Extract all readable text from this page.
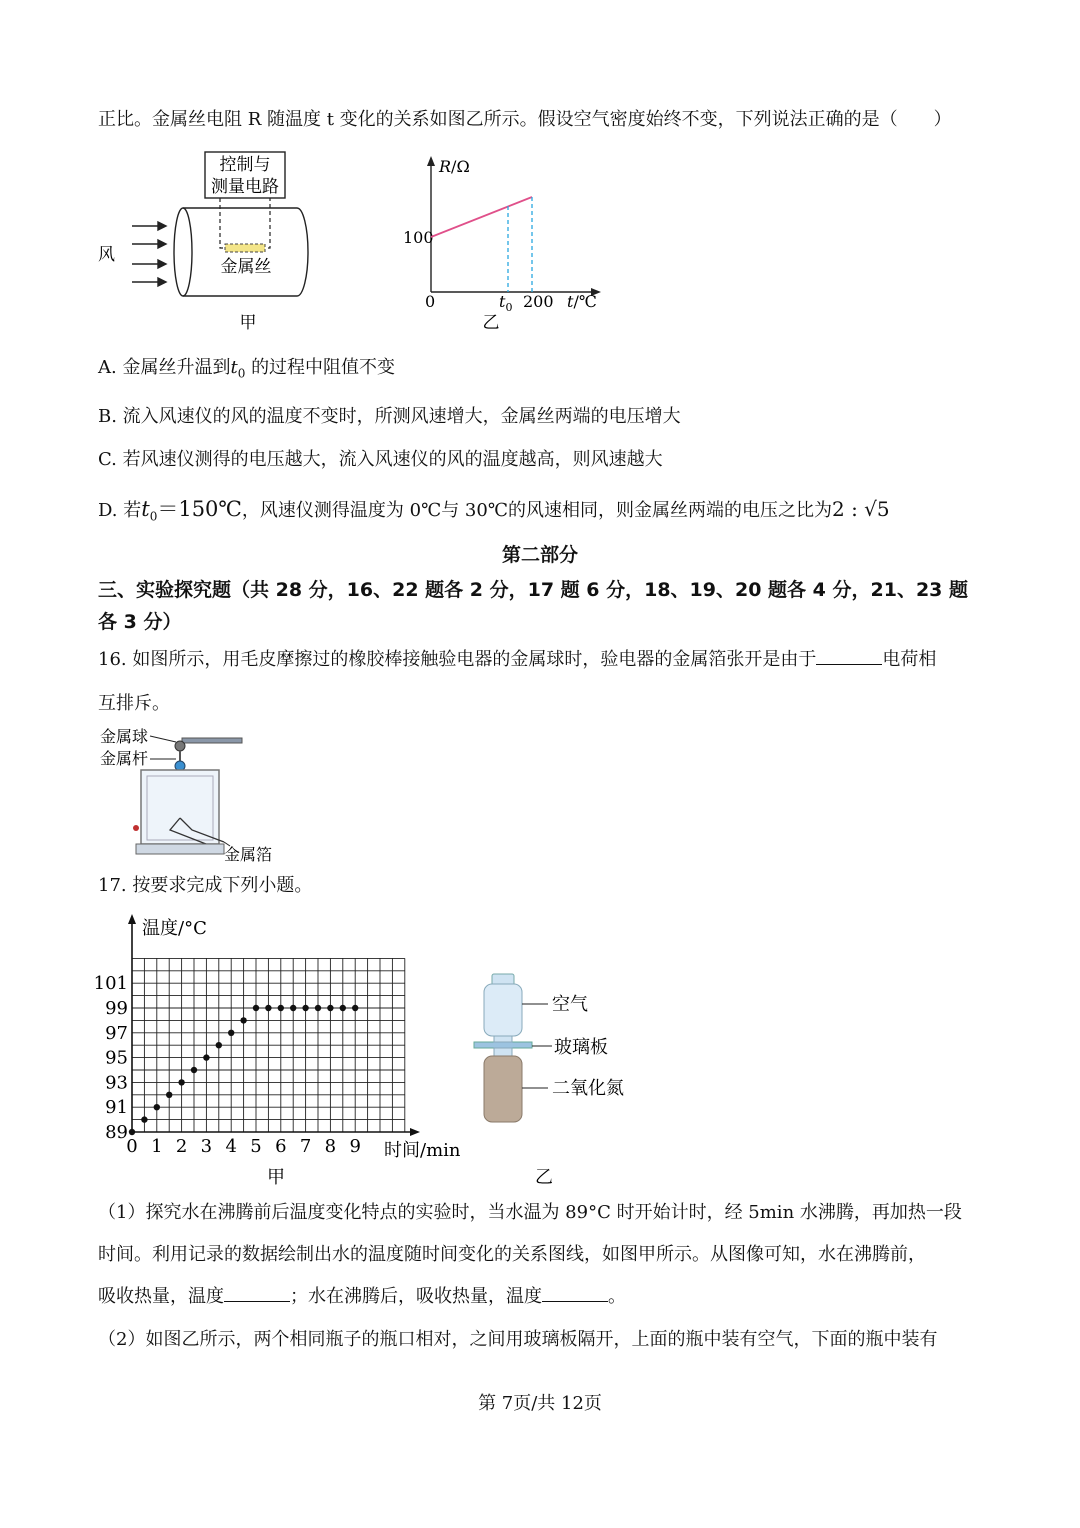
正比。金属丝电阻 R 随温度 t 变化的关系如图乙所示。假设空气密度始终不变，下列说法正确的是（　　）
控制与
测量电路
金属丝
风
甲
R/Ω
100
0	$t_0$ 200 t/℃
乙
A. 金属丝升温到$t_0$ 的过程中阻值不变
B. 流入风速仪的风的温度不变时，所测风速增大，金属丝两端的电压增大
C. 若风速仪测得的电压越大，流入风速仪的风的温度越高，则风速越大
D. 若$t_0=150℃$，风速仪测得温度为 0℃与 30℃的风速相同，则金属丝两端的电压之比为2 : √5
第二部分
三、实验探究题（共 28 分，16、22 题各 2 分，17 题 6 分，18、19、20 题各 4 分，21、23 题
各 3 分）
16. 如图所示，用毛皮摩擦过的橡胶棒接触验电器的金属球时，验电器的金属箔张开是由于	电荷相
互排斥。
金属球
金属杆
金属箔
17. 按要求完成下列小题。
温度/°C
时间/min
0 1 2 3 4 5 6 7 8 9
89
91
93
95
97
99
101
甲
空气
玻璃板
二氧化氮
乙
（1）探究水在沸腾前后温度变化特点的实验时，当水温为 89°C 时开始计时，经 5min 水沸腾，再加热一段
时间。利用记录的数据绘制出水的温度随时间变化的关系图线，如图甲所示。从图像可知，水在沸腾前，
吸收热量，温度	；水在沸腾后，吸收热量，温度	。
（2）如图乙所示，两个相同瓶子的瓶口相对，之间用玻璃板隔开，上面的瓶中装有空气，下面的瓶中装有
第 7页/共 12页
